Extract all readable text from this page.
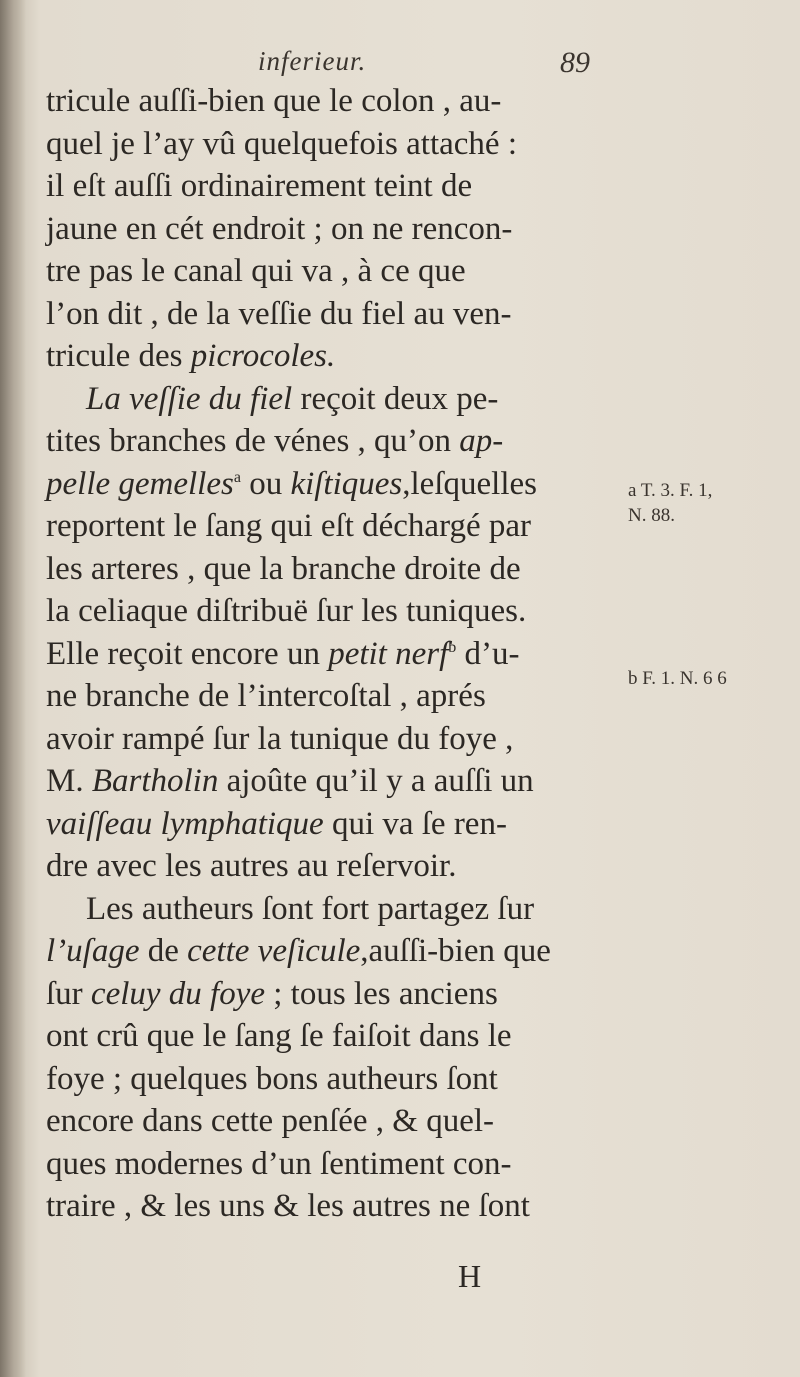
inferieur.	89
tricule auſſi-bien que le colon , au-
quel je l’ay vû quelquefois attaché :
il eſt auſſi ordinairement teint de
jaune en cét endroit ; on ne rencon-
tre pas le canal qui va , à ce que
l’on dit , de la veſſie du fiel au ven-
tricule des picrocoles.
La veſſie du fiel reçoit deux pe-
tites branches de vénes , qu’on ap-
pelle gemelles$^a$ ou kiſtiques,leſquelles
reportent le ſang qui eſt déchargé par
les arteres , que la branche droite de
la celiaque diſtribuë ſur les tuniques.
Elle reçoit encore un petit nerf$^b$ d’u-
ne branche de l’intercoſtal , aprés
avoir rampé ſur la tunique du foye ,
M. Bartholin ajoûte qu’il y a auſſi un
vaiſſeau lymphatique qui va ſe ren-
dre avec les autres au reſervoir.
Les autheurs ſont fort partagez ſur
l’uſage de cette veſicule,auſſi-bien que
ſur celuy du foye ; tous les anciens
ont crû que le ſang ſe faiſoit dans le
foye ; quelques bons autheurs ſont
encore dans cette penſée , & quel-
ques modernes d’un ſentiment con-
traire , & les uns & les autres ne ſont
a T. 3. F. 1,
N. 88.
b F. 1. N. 6 6
H
